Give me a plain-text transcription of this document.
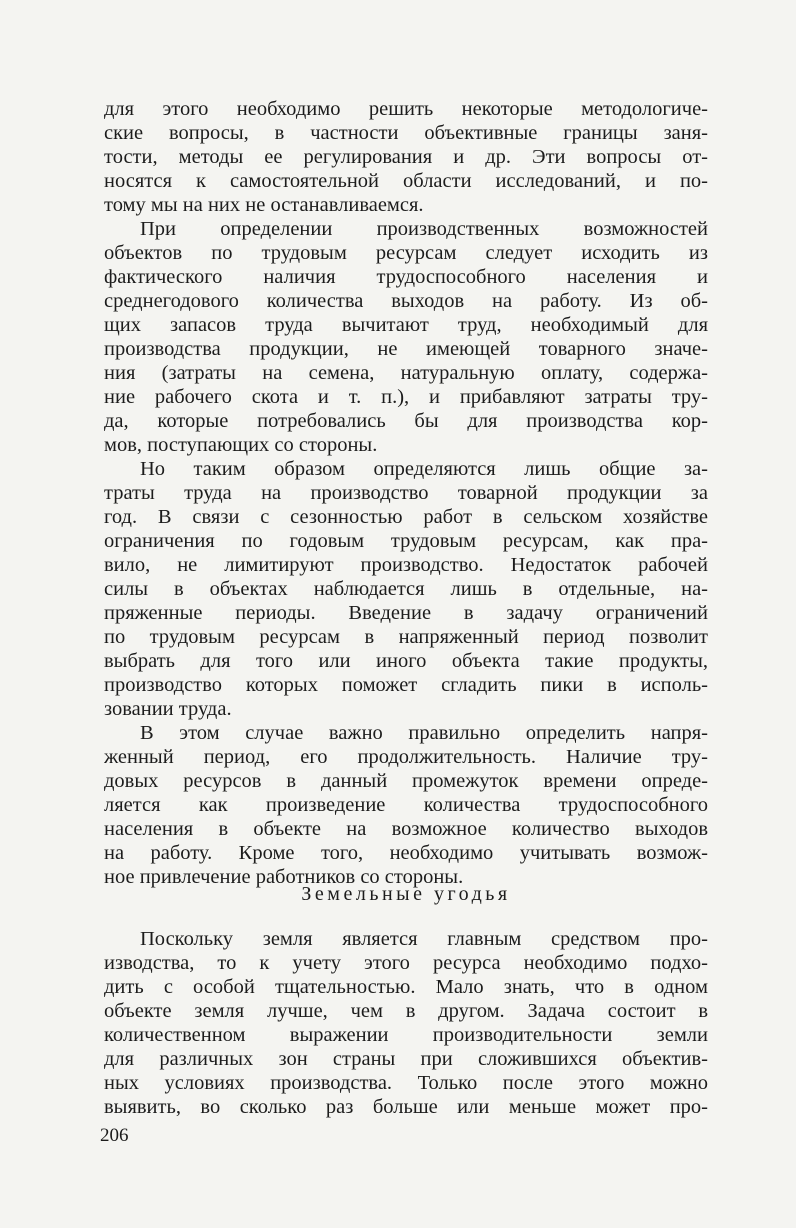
для этого необходимо решить некоторые методологиче-
ские вопросы, в частности объективные границы заня-
тости, методы ее регулирования и др. Эти вопросы от-
носятся к самостоятельной области исследований, и по-
тому мы на них не останавливаемся.
При определении производственных возможностей
объектов по трудовым ресурсам следует исходить из
фактического наличия трудоспособного населения и
среднегодового количества выходов на работу. Из об-
щих запасов труда вычитают труд, необходимый для
производства продукции, не имеющей товарного значе-
ния (затраты на семена, натуральную оплату, содержа-
ние рабочего скота и т. п.), и прибавляют затраты тру-
да, которые потребовались бы для производства кор-
мов, поступающих со стороны.
Но таким образом определяются лишь общие за-
траты труда на производство товарной продукции за
год. В связи с сезонностью работ в сельском хозяйстве
ограничения по годовым трудовым ресурсам, как пра-
вило, не лимитируют производство. Недостаток рабочей
силы в объектах наблюдается лишь в отдельные, на-
пряженные периоды. Введение в задачу ограничений
по трудовым ресурсам в напряженный период позволит
выбрать для того или иного объекта такие продукты,
производство которых поможет сгладить пики в исполь-
зовании труда.
В этом случае важно правильно определить напря-
женный период, его продолжительность. Наличие тру-
довых ресурсов в данный промежуток времени опреде-
ляется как произведение количества трудоспособного
населения в объекте на возможное количество выходов
на работу. Кроме того, необходимо учитывать возмож-
ное привлечение работников со стороны.
Земельные угодья
Поскольку земля является главным средством про-
изводства, то к учету этого ресурса необходимо подхо-
дить с особой тщательностью. Мало знать, что в одном
объекте земля лучше, чем в другом. Задача состоит в
количественном выражении производительности земли
для различных зон страны при сложившихся объектив-
ных условиях производства. Только после этого можно
выявить, во сколько раз больше или меньше может про-
206
